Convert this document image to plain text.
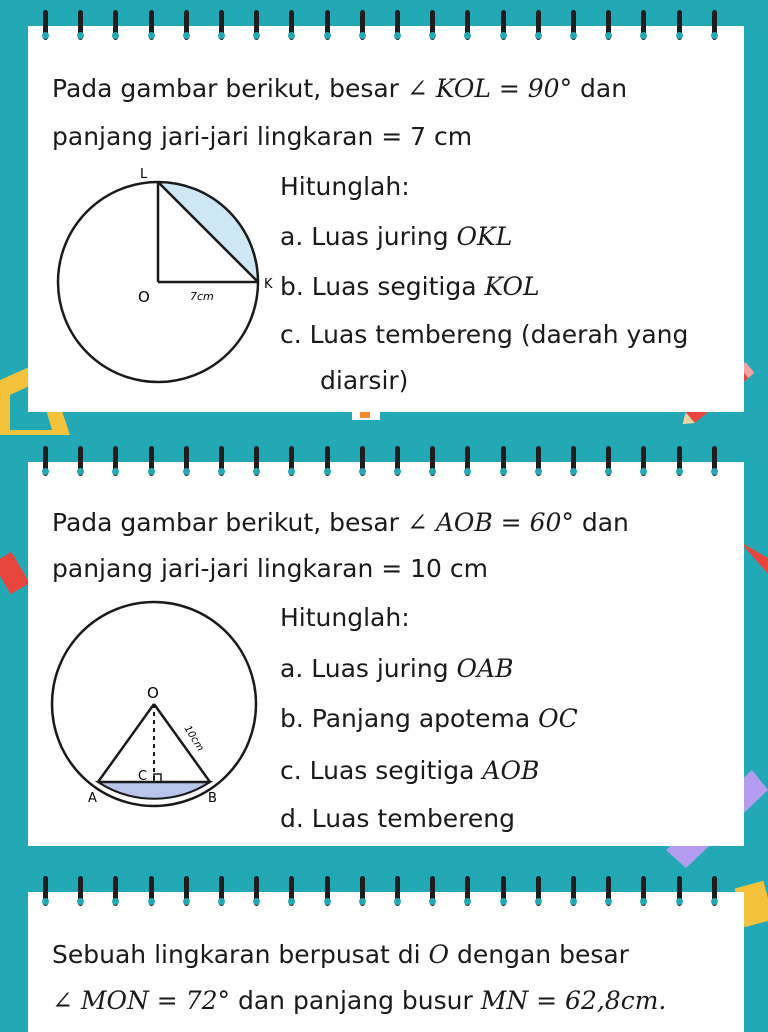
Pada gambar berikut, besar ∠ KOL = 90° dan
panjang jari-jari lingkaran = 7 cm
L
K
O	7cm
Hitunglah:
a. Luas juring OKL
b. Luas segitiga KOL
c. Luas tembereng (daerah yang
diarsir)
Pada gambar berikut, besar ∠ AOB = 60° dan
panjang jari-jari lingkaran = 10 cm
O
A	B
C
10cm
Hitunglah:
a. Luas juring OAB
b. Panjang apotema OC
c. Luas segitiga AOB
d. Luas tembereng
Sebuah lingkaran berpusat di O dengan besar
∠ MON = 72° dan panjang busur MN = 62,8cm.
